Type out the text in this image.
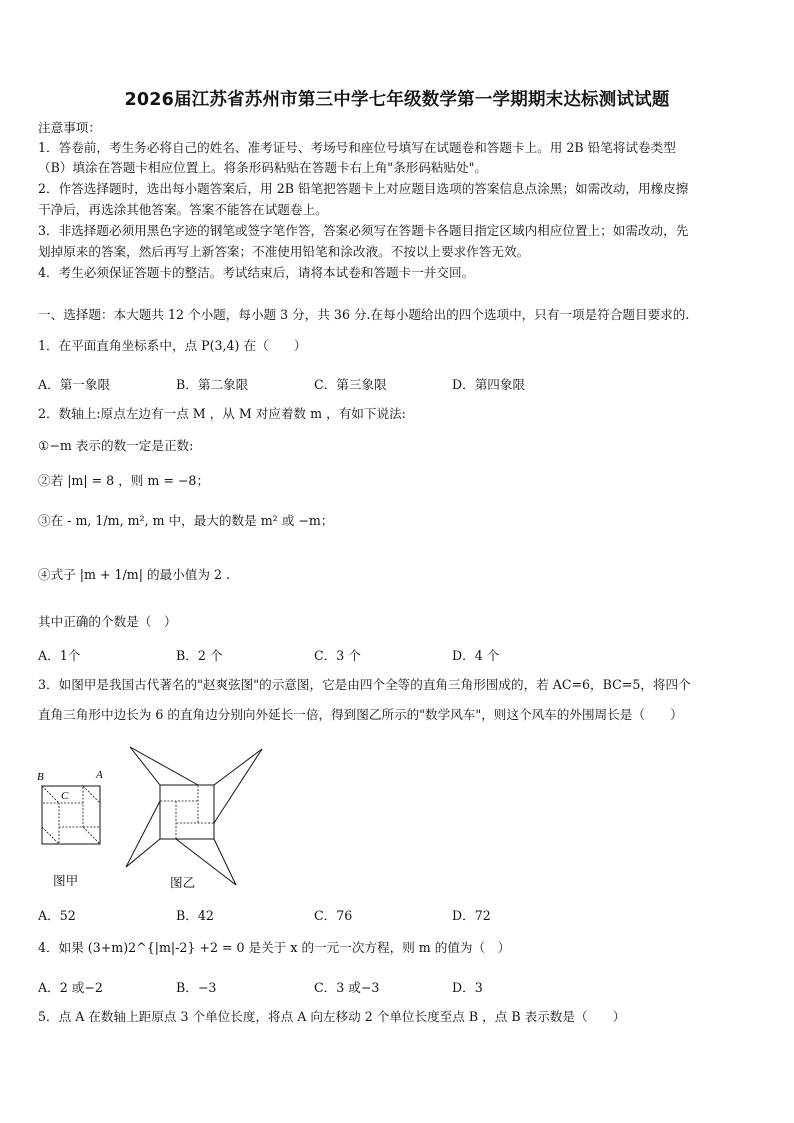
2026届江苏省苏州市第三中学七年级数学第一学期期末达标测试试题
注意事项：
1．答卷前，考生务必将自己的姓名、准考证号、考场号和座位号填写在试题卷和答题卡上。用 2B 铅笔将试卷类型
（B）填涂在答题卡相应位置上。将条形码粘贴在答题卡右上角"条形码粘贴处"。
2．作答选择题时，选出每小题答案后，用 2B 铅笔把答题卡上对应题目选项的答案信息点涂黑；如需改动，用橡皮擦
干净后，再选涂其他答案。答案不能答在试题卷上。
3．非选择题必须用黑色字迹的钢笔或签字笔作答，答案必须写在答题卡各题目指定区域内相应位置上；如需改动，先
划掉原来的答案，然后再写上新答案；不准使用铅笔和涂改液。不按以上要求作答无效。
4．考生必须保证答题卡的整洁。考试结束后，请将本试卷和答题卡一并交回。
一、选择题：本大题共 12 个小题，每小题 3 分，共 36 分.在每小题给出的四个选项中，只有一项是符合题目要求的.
1．在平面直角坐标系中，点 P(3,4) 在（　　）
A．第一象限	B．第二象限	C．第三象限	D．第四象限
2．数轴上:原点左边有一点 M ，从 M 对应着数 m ，有如下说法:
①−m 表示的数一定是正数:
②若 |m| = 8 ，则 m = −8；
③在 - m, 1/m, m², m 中，最大的数是 m² 或 −m；
④式子 |m + 1/m| 的最小值为 2 .
其中正确的个数是（　）
A．1个	B．2 个	C．3 个	D．4 个
3．如图甲是我国古代著名的"赵爽弦图"的示意图，它是由四个全等的直角三角形围成的，若 AC=6，BC=5，将四个
直角三角形中边长为 6 的直角边分别向外延长一倍，得到图乙所示的"数学风车"，则这个风车的外围周长是（　　）
B	A
C
图甲	图乙
A．52	B．42	C．76	D．72
4．如果 (3+m)2^{|m|-2} +2 = 0 是关于 x 的一元一次方程，则 m 的值为（　）
A．2 或−2	B．−3	C．3 或−3	D．3
5．点 A 在数轴上距原点 3 个单位长度，将点 A 向左移动 2 个单位长度至点 B ，点 B 表示数是（　　）
